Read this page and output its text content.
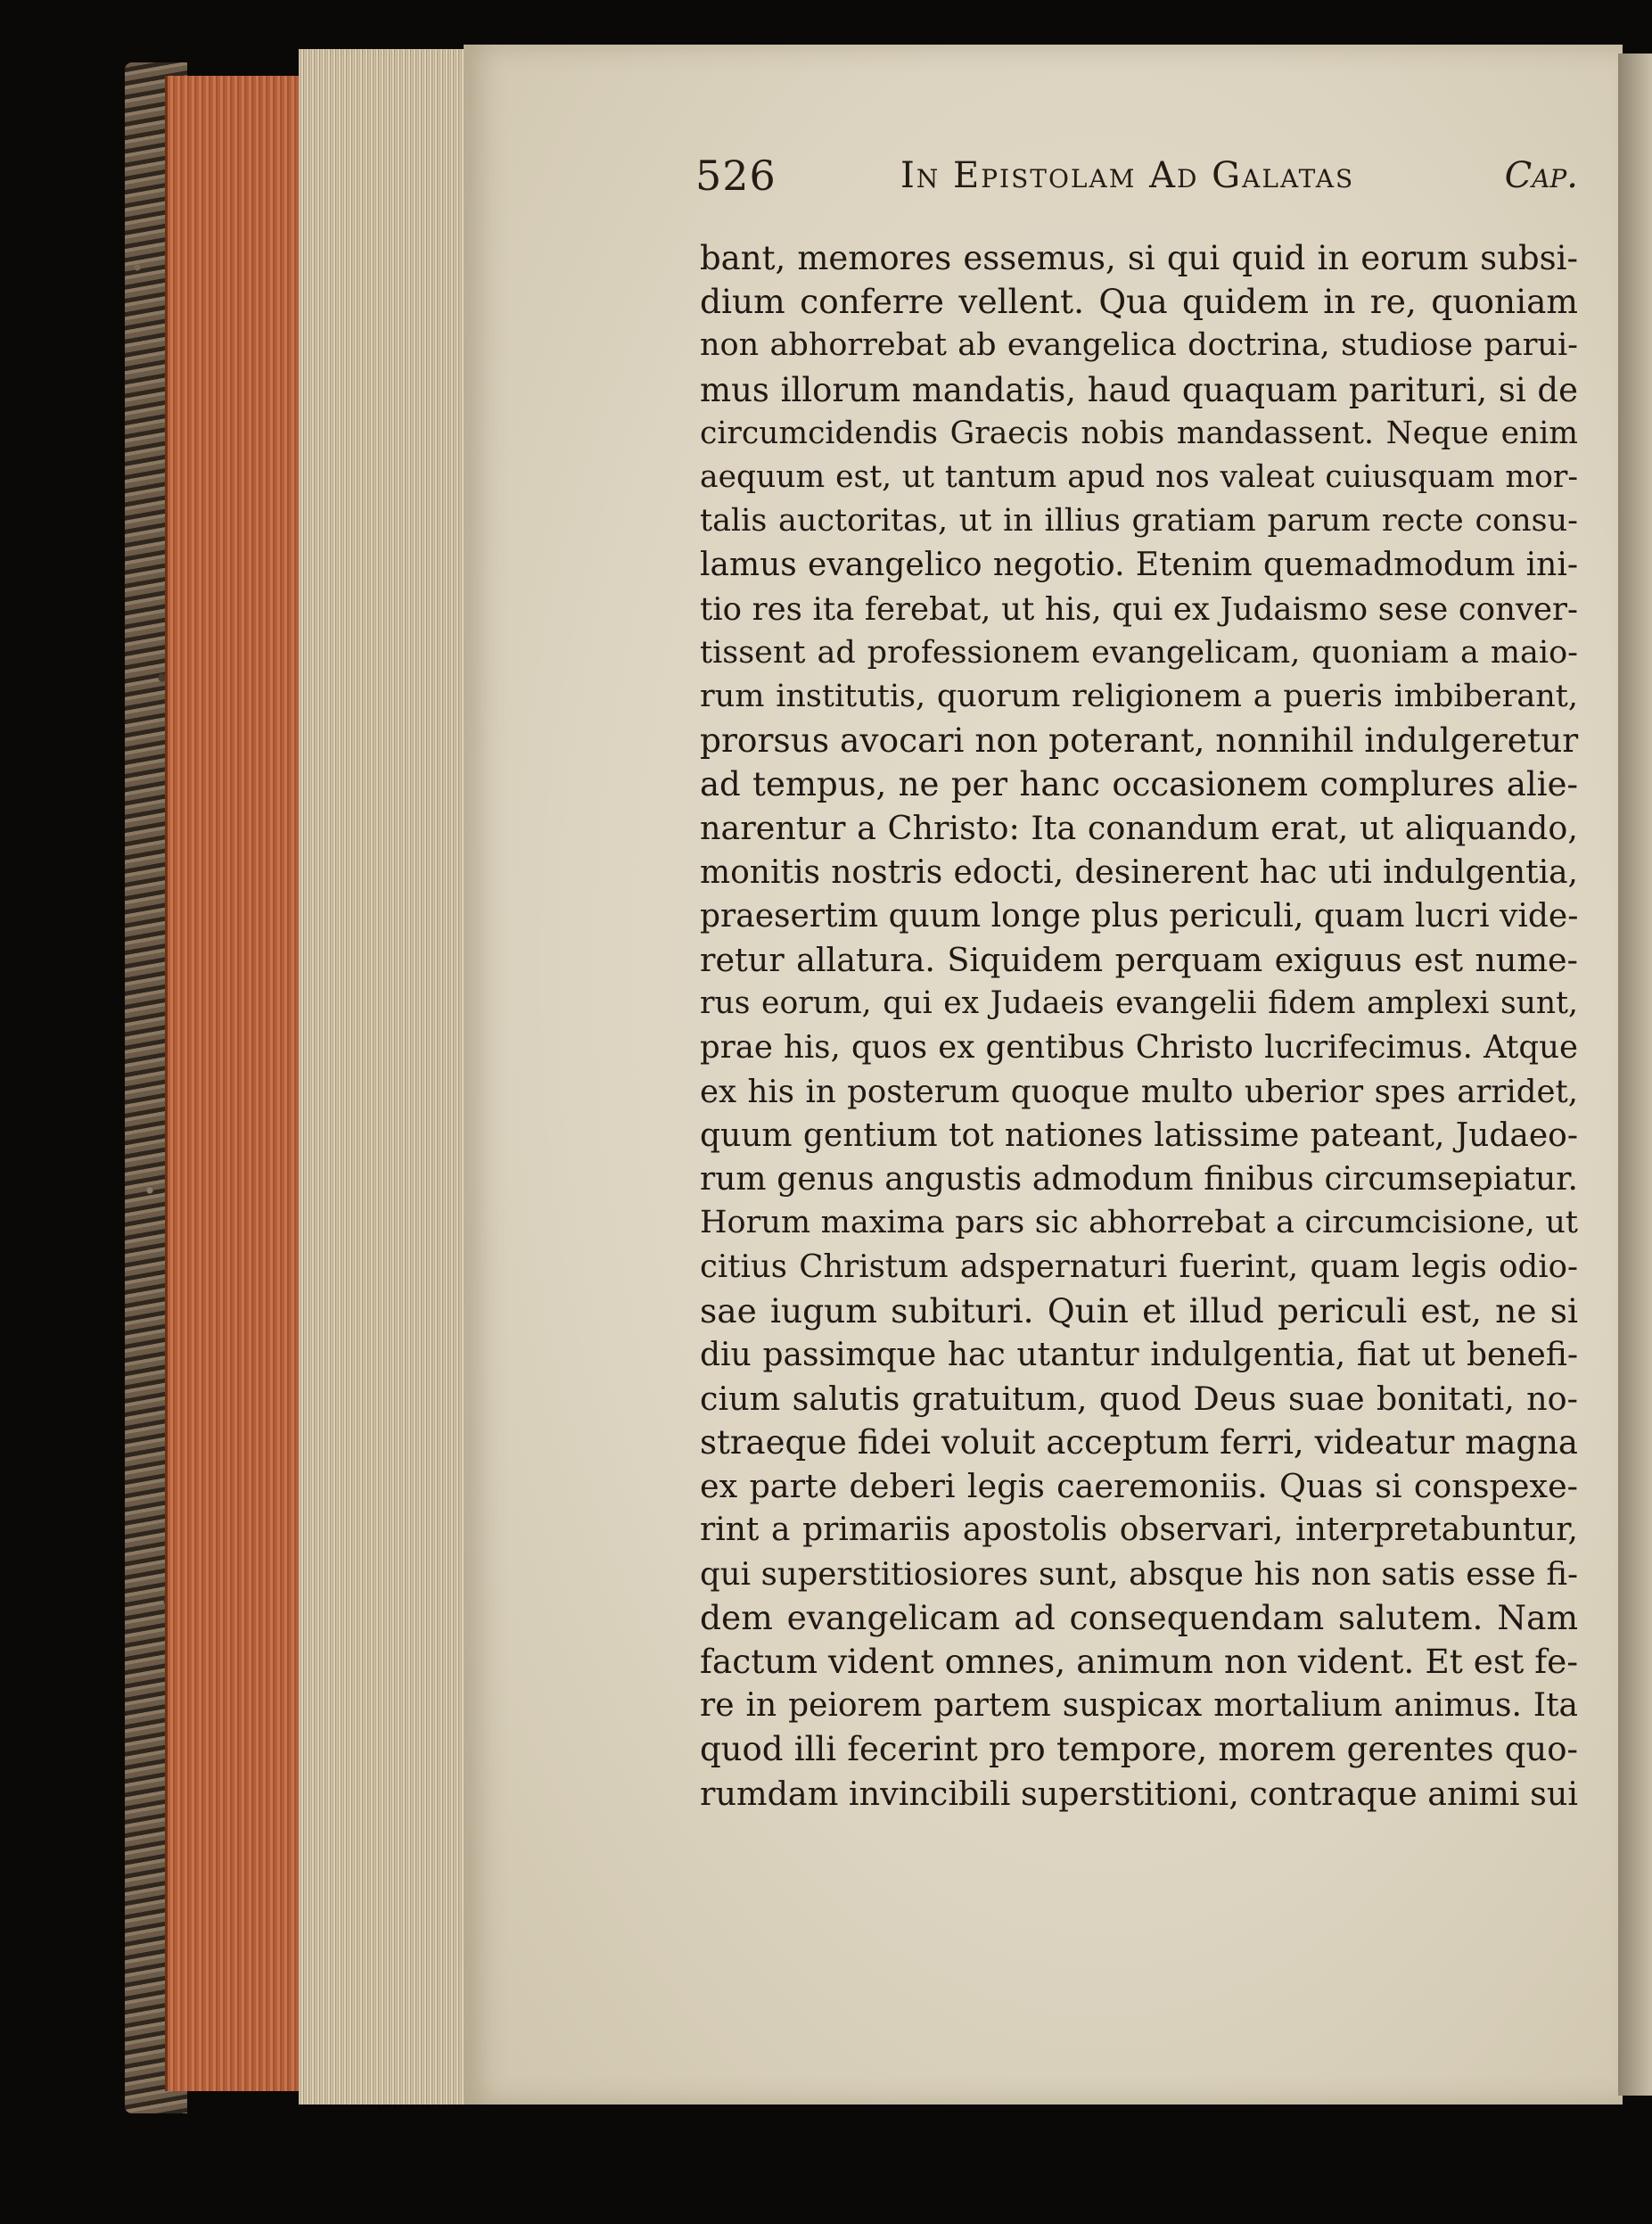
526	In Epistolam Ad Galatas	Cap.
bant, memores essemus, si qui quid in eorum subsi-
dium conferre vellent. Qua quidem in re, quoniam
non abhorrebat ab evangelica doctrina, studiose parui-
mus illorum mandatis, haud quaquam parituri, si de
circumcidendis Graecis nobis mandassent. Neque enim
aequum est, ut tantum apud nos valeat cuiusquam mor-
talis auctoritas, ut in illius gratiam parum recte consu-
lamus evangelico negotio. Etenim quemadmodum ini-
tio res ita ferebat, ut his, qui ex Judaismo sese conver-
tissent ad professionem evangelicam, quoniam a maio-
rum institutis, quorum religionem a pueris imbiberant,
prorsus avocari non poterant, nonnihil indulgeretur
ad tempus, ne per hanc occasionem complures alie-
narentur a Christo: Ita conandum erat, ut aliquando,
monitis nostris edocti, desinerent hac uti indulgentia,
praesertim quum longe plus periculi, quam lucri vide-
retur allatura. Siquidem perquam exiguus est nume-
rus eorum, qui ex Judaeis evangelii fidem amplexi sunt,
prae his, quos ex gentibus Christo lucrifecimus. Atque
ex his in posterum quoque multo uberior spes arridet,
quum gentium tot nationes latissime pateant, Judaeo-
rum genus angustis admodum finibus circumsepiatur.
Horum maxima pars sic abhorrebat a circumcisione, ut
citius Christum adspernaturi fuerint, quam legis odio-
sae iugum subituri. Quin et illud periculi est, ne si
diu passimque hac utantur indulgentia, fiat ut benefi-
cium salutis gratuitum, quod Deus suae bonitati, no-
straeque fidei voluit acceptum ferri, videatur magna
ex parte deberi legis caeremoniis. Quas si conspexe-
rint a primariis apostolis observari, interpretabuntur,
qui superstitiosiores sunt, absque his non satis esse fi-
dem evangelicam ad consequendam salutem. Nam
factum vident omnes, animum non vident. Et est fe-
re in peiorem partem suspicax mortalium animus. Ita
quod illi fecerint pro tempore, morem gerentes quo-
rumdam invincibili superstitioni, contraque animi sui
